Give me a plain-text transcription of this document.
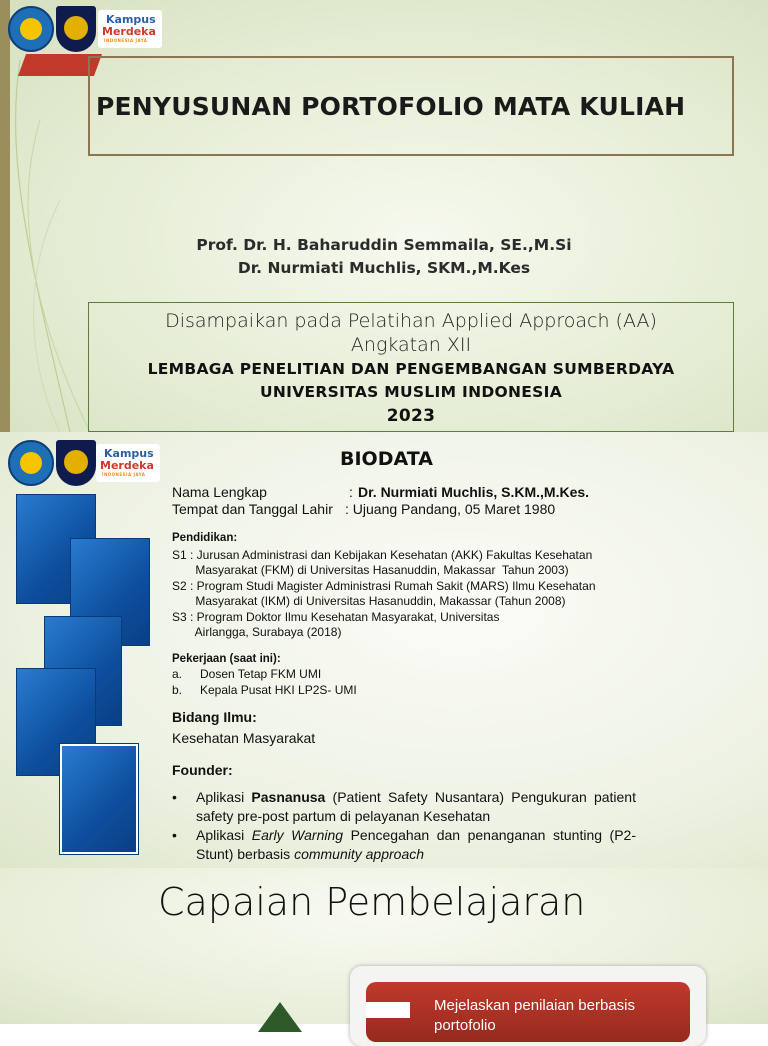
Kampus
Merdeka
INDONESIA JAYA
PENYUSUNAN PORTOFOLIO MATA KULIAH
Prof. Dr. H. Baharuddin Semmaila, SE.,M.Si
Dr. Nurmiati Muchlis, SKM.,M.Kes
Disampaikan pada Pelatihan Applied Approach (AA)
Angkatan XII
LEMBAGA PENELITIAN DAN PENGEMBANGAN SUMBERDAYA
UNIVERSITAS MUSLIM INDONESIA
2023
Kampus
Merdeka
INDONESIA JAYA
BIODATA
Nama Lengkap	: Dr. Nurmiati Muchlis, S.KM.,M.Kes.
Tempat dan Tanggal Lahir : Ujuang Pandang, 05 Maret 1980
Pendidikan:
S1 : Jurusan Administrasi dan Kebijakan Kesehatan (AKK) Fakultas Kesehatan
Masyarakat (FKM) di Universitas Hasanuddin, Makassar  Tahun 2003)
S2 : Program Studi Magister Administrasi Rumah Sakit (MARS) Ilmu Kesehatan
Masyarakat (IKM) di Universitas Hasanuddin, Makassar (Tahun 2008)
S3 : Program Doktor Ilmu Kesehatan Masyarakat, Universitas
Airlangga, Surabaya (2018)
Pekerjaan (saat ini):
a. Dosen Tetap FKM UMI
b. Kepala Pusat HKI LP2S- UMI
Bidang Ilmu:
Kesehatan Masyarakat
Founder:
• Aplikasi Pasnanusa (Patient Safety Nusantara) Pengukuran patient safety pre-post partum di pelayanan Kesehatan
• Aplikasi Early Warning Pencegahan dan penanganan stunting (P2-Stunt) berbasis community approach
Capaian Pembelajaran
Mejelaskan penilaian berbasis portofolio
